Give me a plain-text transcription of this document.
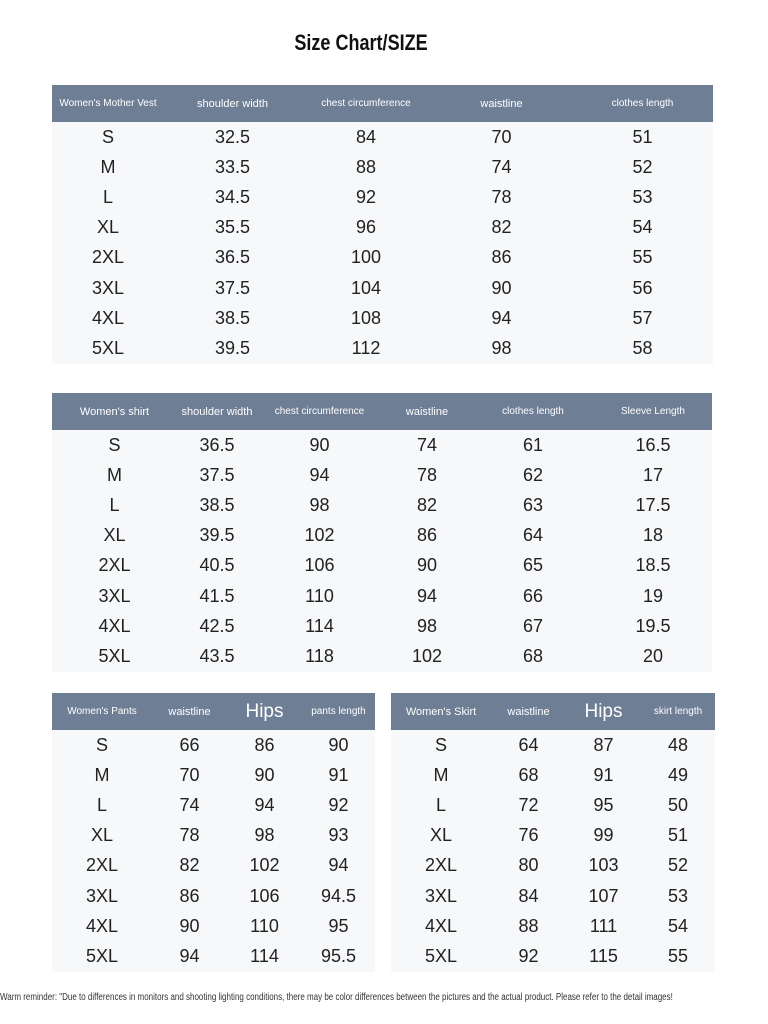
Size Chart/SIZE
Women's Mother Vest	shoulder width	chest circumference	waistline	clothes length
S	32.5	84	70	51
M	33.5	88	74	52
L	34.5	92	78	53
XL	35.5	96	82	54
2XL	36.5	100	86	55
3XL	37.5	104	90	56
4XL	38.5	108	94	57
5XL	39.5	112	98	58
Women's shirt	shoulder width	chest circumference	waistline	clothes length	Sleeve Length
S	36.5	90	74	61	16.5
M	37.5	94	78	62	17
L	38.5	98	82	63	17.5
XL	39.5	102	86	64	18
2XL	40.5	106	90	65	18.5
3XL	41.5	110	94	66	19
4XL	42.5	114	98	67	19.5
5XL	43.5	118	102	68	20
Women's Pants	waistline	Hips	pants length
S	66	86	90
M	70	90	91
L	74	94	92
XL	78	98	93
2XL	82	102	94
3XL	86	106	94.5
4XL	90	110	95
5XL	94	114	95.5
Women's Skirt	waistline	Hips	skirt length
S	64	87	48
M	68	91	49
L	72	95	50
XL	76	99	51
2XL	80	103	52
3XL	84	107	53
4XL	88	111	54
5XL	92	115	55
Warm reminder: "Due to differences in monitors and shooting lighting conditions, there may be color differences between the pictures and the actual product. Please refer to the detail images!
